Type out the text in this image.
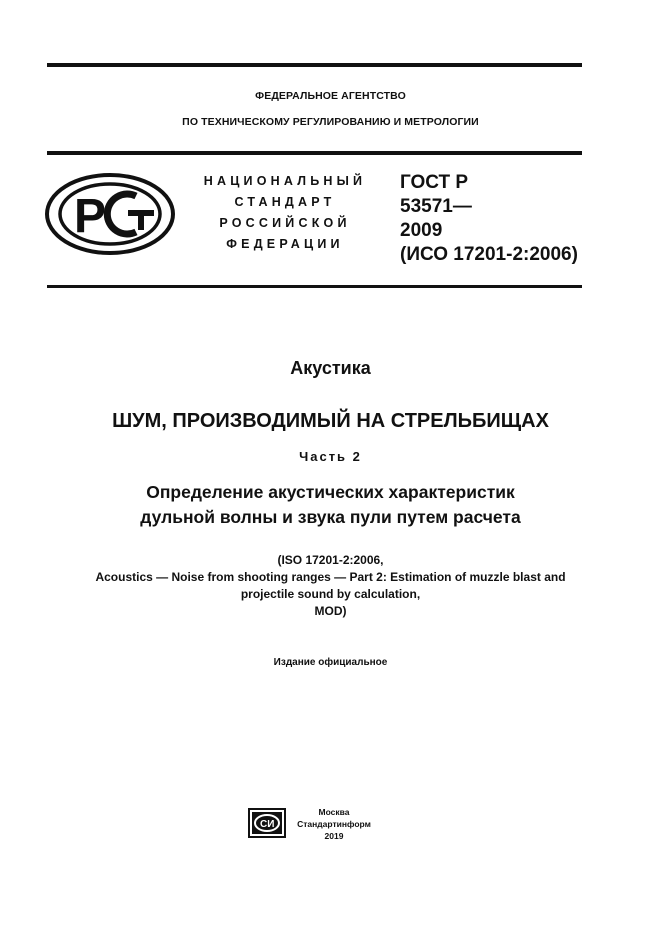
ФЕДЕРАЛЬНОЕ АГЕНТСТВО
ПО ТЕХНИЧЕСКОМУ РЕГУЛИРОВАНИЮ И МЕТРОЛОГИИ
Р
НАЦИОНАЛЬНЫЙ
СТАНДАРТ
РОССИЙСКОЙ
ФЕДЕРАЦИИ
ГОСТ Р
53571—
2009
(ИСО 17201-2:2006)
Акустика
ШУМ, ПРОИЗВОДИМЫЙ НА СТРЕЛЬБИЩАХ
Часть 2
Определение акустических характеристик
дульной волны и звука пули путем расчета
(ISO 17201-2:2006,
Acoustics — Noise from shooting ranges — Part 2: Estimation of muzzle blast and
projectile sound by calculation,
MOD)
Издание официальное
СИ
Москва
Стандартинформ
2019
